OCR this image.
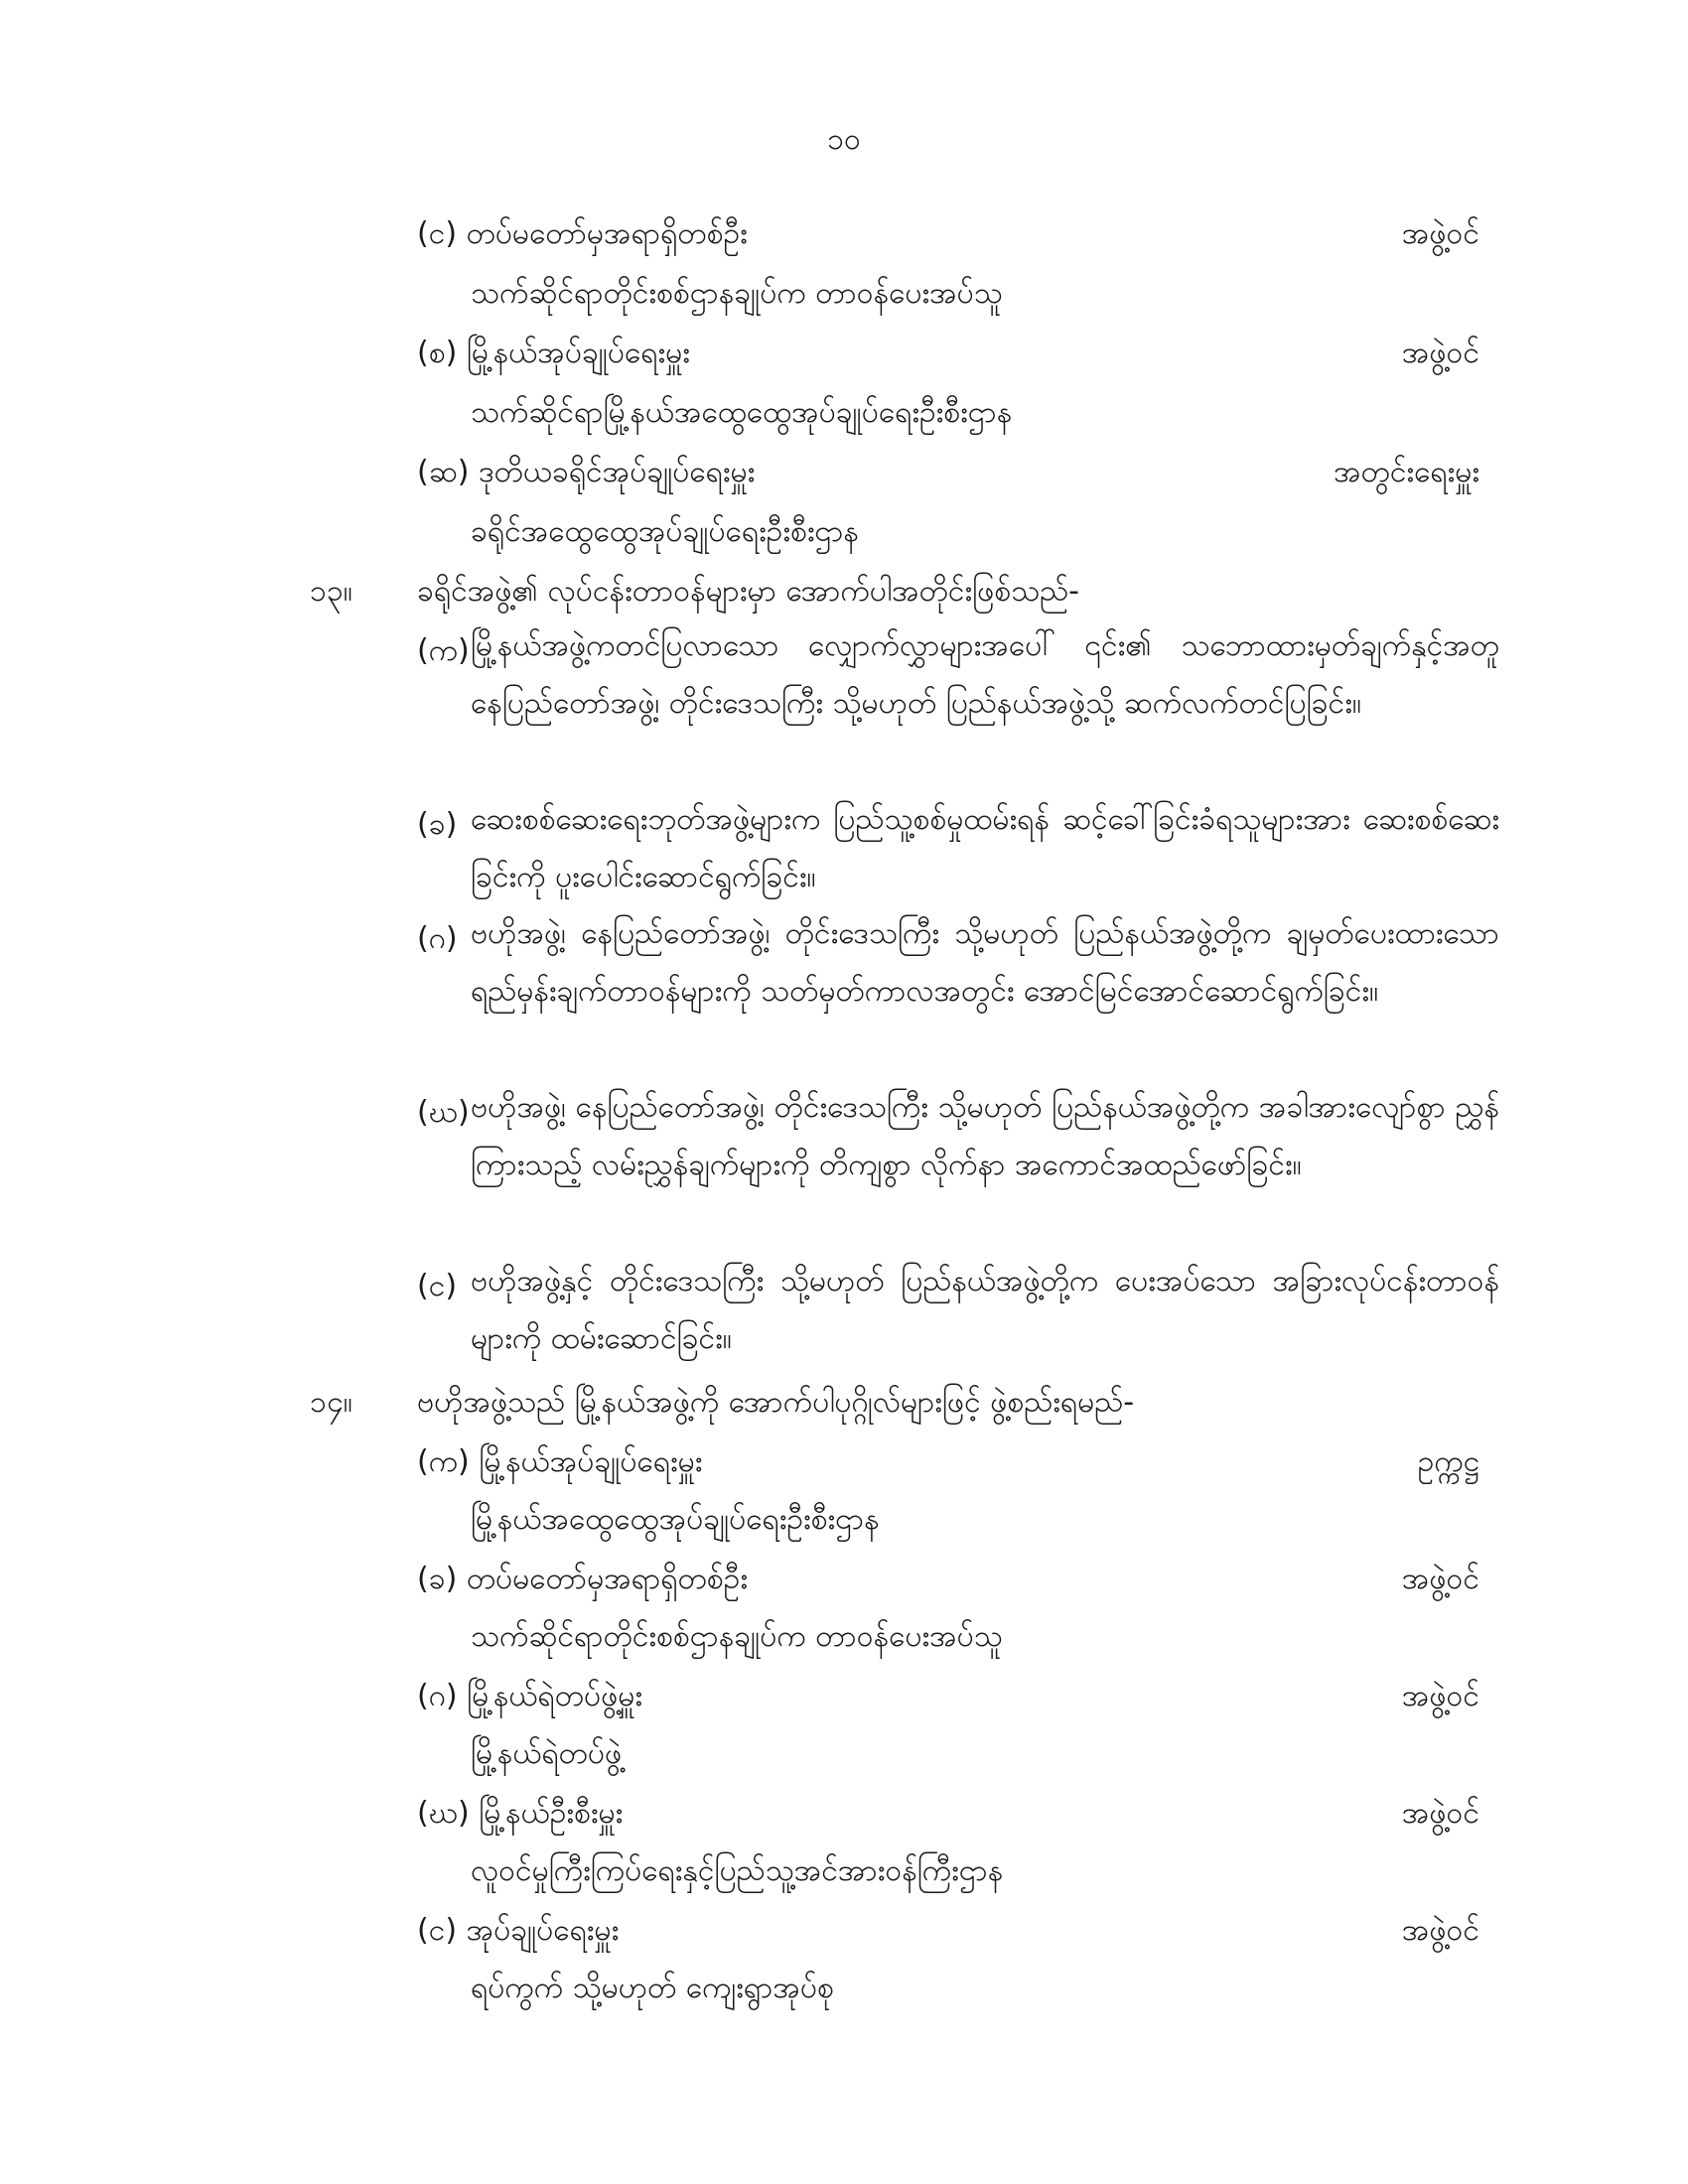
၁၀
(င) တပ်မတော်မှအရာရှိတစ်ဦး	အဖွဲ့ဝင်
သက်ဆိုင်ရာတိုင်းစစ်ဌာနချုပ်က တာဝန်ပေးအပ်သူ
(စ) မြို့နယ်အုပ်ချုပ်ရေးမှူး	အဖွဲ့ဝင်
သက်ဆိုင်ရာမြို့နယ်အထွေထွေအုပ်ချုပ်ရေးဦးစီးဌာန
(ဆ) ဒုတိယခရိုင်အုပ်ချုပ်ရေးမှူး	အတွင်းရေးမှူး
ခရိုင်အထွေထွေအုပ်ချုပ်ရေးဦးစီးဌာန
၁၃။ ခရိုင်အဖွဲ့၏ လုပ်ငန်းတာဝန်များမှာ အောက်ပါအတိုင်းဖြစ်သည်-
(က) မြို့နယ်အဖွဲ့ကတင်ပြလာသော လျှောက်လွှာများအပေါ် ၎င်း၏ သဘောထားမှတ်ချက်နှင့်အတူ နေပြည်တော်အဖွဲ့၊ တိုင်းဒေသကြီး သို့မဟုတ် ပြည်နယ်အဖွဲ့သို့ ဆက်လက်တင်ပြခြင်း။
(ခ) ဆေးစစ်ဆေးရေးဘုတ်အဖွဲ့များက ပြည်သူ့စစ်မှုထမ်းရန် ဆင့်ခေါ်ခြင်းခံရသူများအား ဆေးစစ်ဆေးခြင်းကို ပူးပေါင်းဆောင်ရွက်ခြင်း။
(ဂ) ဗဟိုအဖွဲ့၊ နေပြည်တော်အဖွဲ့၊ တိုင်းဒေသကြီး သို့မဟုတ် ပြည်နယ်အဖွဲ့တို့က ချမှတ်ပေးထားသော ရည်မှန်းချက်တာဝန်များကို သတ်မှတ်ကာလအတွင်း အောင်မြင်အောင်ဆောင်ရွက်ခြင်း။
(ဃ) ဗဟိုအဖွဲ့၊ နေပြည်တော်အဖွဲ့၊ တိုင်းဒေသကြီး သို့မဟုတ် ပြည်နယ်အဖွဲ့တို့က အခါအားလျော်စွာ ညွှန်ကြားသည့် လမ်းညွှန်ချက်များကို တိကျစွာ လိုက်နာ အကောင်အထည်ဖော်ခြင်း။
(င) ဗဟိုအဖွဲ့နှင့် တိုင်းဒေသကြီး သို့မဟုတ် ပြည်နယ်အဖွဲ့တို့က ပေးအပ်သော အခြားလုပ်ငန်းတာဝန်များကို ထမ်းဆောင်ခြင်း။
၁၄။ ဗဟိုအဖွဲ့သည် မြို့နယ်အဖွဲ့ကို အောက်ပါပုဂ္ဂိုလ်များဖြင့် ဖွဲ့စည်းရမည်-
(က) မြို့နယ်အုပ်ချုပ်ရေးမှူး	ဥက္ကဋ္ဌ
မြို့နယ်အထွေထွေအုပ်ချုပ်ရေးဦးစီးဌာန
(ခ) တပ်မတော်မှအရာရှိတစ်ဦး	အဖွဲ့ဝင်
သက်ဆိုင်ရာတိုင်းစစ်ဌာနချုပ်က တာဝန်ပေးအပ်သူ
(ဂ) မြို့နယ်ရဲတပ်ဖွဲ့မှူး	အဖွဲ့ဝင်
မြို့နယ်ရဲတပ်ဖွဲ့
(ဃ) မြို့နယ်ဦးစီးမှူး	အဖွဲ့ဝင်
လူဝင်မှုကြီးကြပ်ရေးနှင့်ပြည်သူ့အင်အားဝန်ကြီးဌာန
(င) အုပ်ချုပ်ရေးမှူး	အဖွဲ့ဝင်
ရပ်ကွက် သို့မဟုတ် ကျေးရွာအုပ်စု
